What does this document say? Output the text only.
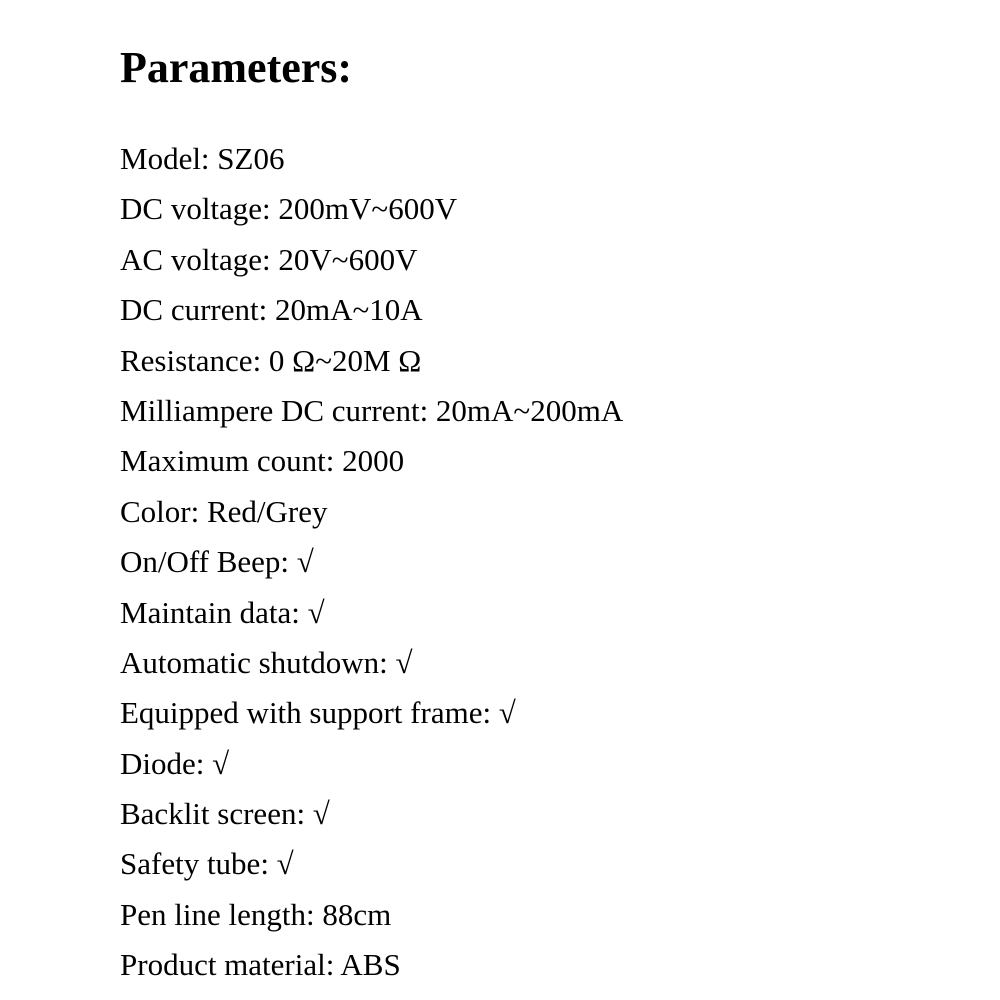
Parameters:
Model: SZ06
DC voltage: 200mV~600V
AC voltage: 20V~600V
DC current: 20mA~10A
Resistance: 0 Ω~20M Ω
Milliampere DC current: 20mA~200mA
Maximum count: 2000
Color: Red/Grey
On/Off Beep: √
Maintain data: √
Automatic shutdown: √
Equipped with support frame: √
Diode: √
Backlit screen: √
Safety tube: √
Pen line length: 88cm
Product material: ABS
